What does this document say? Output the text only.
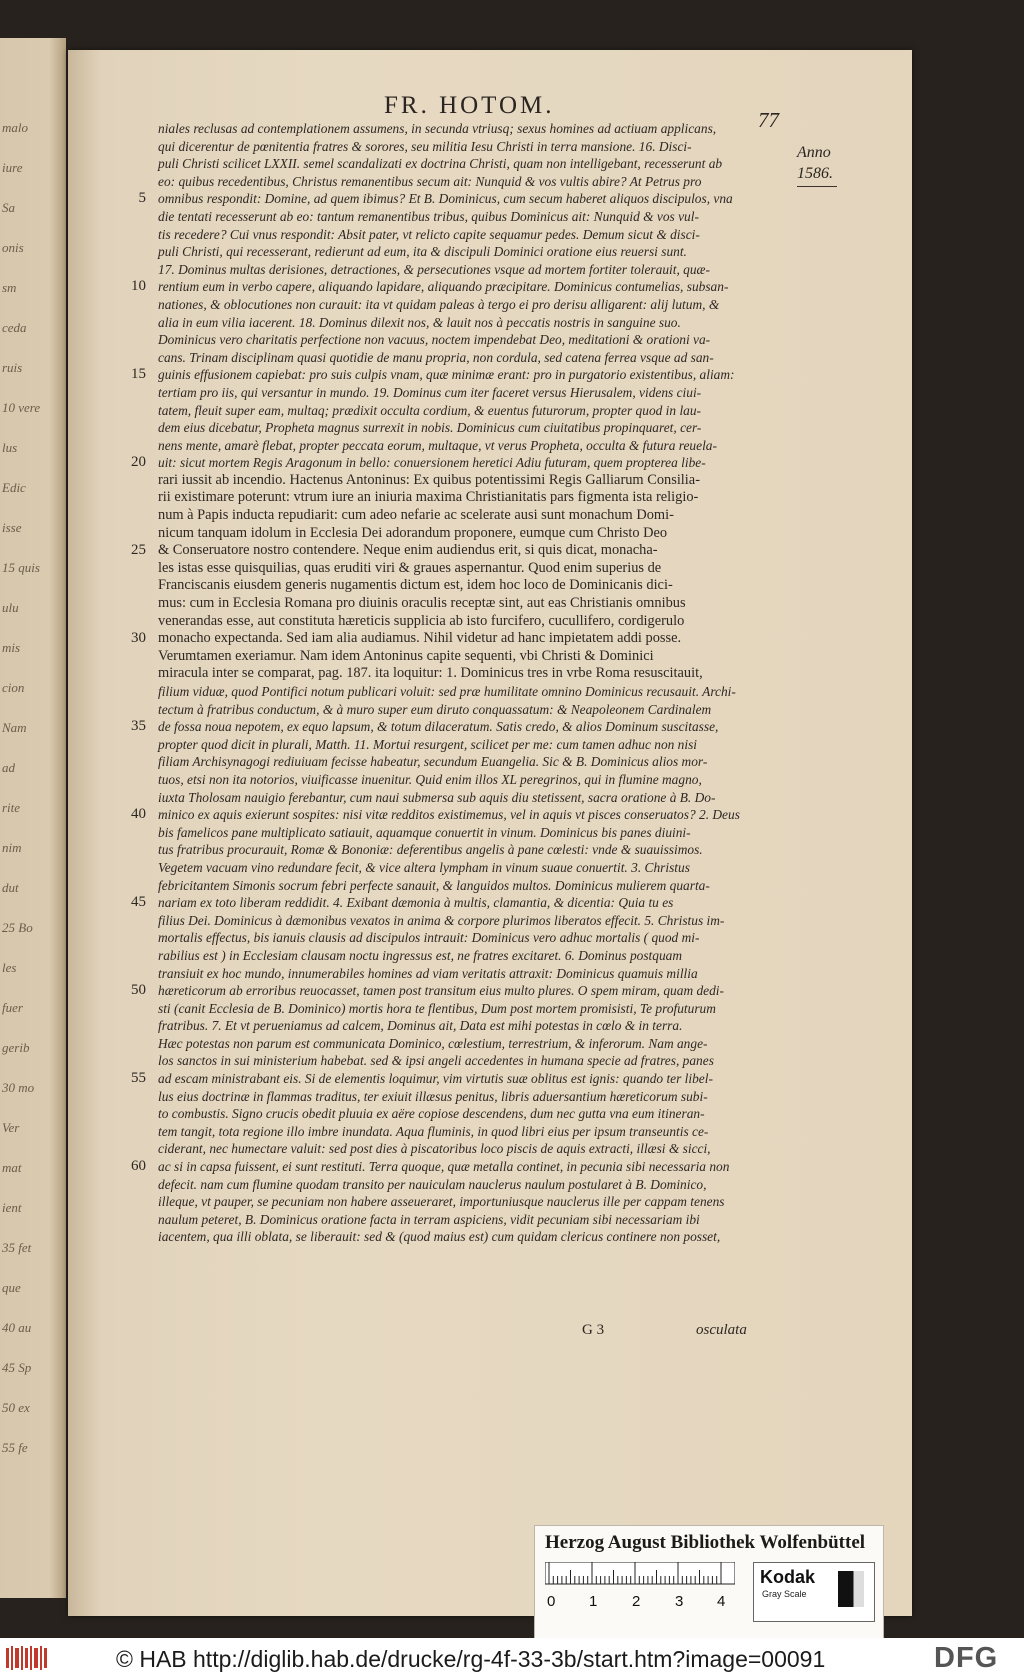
malo
iure
Sa
onis
sm
ceda
ruis
10 vere
lus
Edic
isse
15 quis
ulu
mis
cion
Nam
ad
rite
nim
dut
25 Bo
les
fuer
gerib
30 mo
Ver
mat
ient
35 fet
que
40 au
45 Sp
50 ex
55 fe
FR. HOTOM.
77
Anno
1586.
niales reclusas ad contemplationem assumens, in secunda vtriusq; sexus homines ad actiuam applicans,
qui dicerentur de pœnitentia fratres & sorores, seu militia Iesu Christi in terra mansione. 16. Disci-
puli Christi scilicet LXXII. semel scandalizati ex doctrina Christi, quam non intelligebant, recesserunt ab
eo: quibus recedentibus, Christus remanentibus secum ait: Nunquid & vos vultis abire? At Petrus pro
5 omnibus respondit: Domine, ad quem ibimus? Et B. Dominicus, cum secum haberet aliquos discipulos, vna
die tentati recesserunt ab eo: tantum remanentibus tribus, quibus Dominicus ait: Nunquid & vos vul-
tis recedere? Cui vnus respondit: Absit pater, vt relicto capite sequamur pedes. Demum sicut & disci-
puli Christi, qui recesserant, redierunt ad eum, ita & discipuli Dominici oratione eius reuersi sunt.
17. Dominus multas derisiones, detractiones, & persecutiones vsque ad mortem fortiter tolerauit, quæ-
10 rentium eum in verbo capere, aliquando lapidare, aliquando præcipitare. Dominicus contumelias, subsan-
nationes, & oblocutiones non curauit: ita vt quidam paleas à tergo ei pro derisu alligarent: alij lutum, &
alia in eum vilia iacerent. 18. Dominus dilexit nos, & lauit nos à peccatis nostris in sanguine suo.
Dominicus vero charitatis perfectione non vacuus, noctem impendebat Deo, meditationi & orationi va-
cans. Trinam disciplinam quasi quotidie de manu propria, non cordula, sed catena ferrea vsque ad san-
15 guinis effusionem capiebat: pro suis culpis vnam, quæ minimæ erant: pro in purgatorio existentibus, aliam:
tertiam pro iis, qui versantur in mundo. 19. Dominus cum iter faceret versus Hierusalem, videns ciui-
tatem, fleuit super eam, multaq; prædixit occulta cordium, & euentus futurorum, propter quod in lau-
dem eius dicebatur, Propheta magnus surrexit in nobis. Dominicus cum ciuitatibus propinquaret, cer-
nens mente, amarè flebat, propter peccata eorum, multaque, vt verus Propheta, occulta & futura reuela-
20 uit: sicut mortem Regis Aragonum in bello: conuersionem heretici Adiu futuram, quem propterea libe-
rari iussit ab incendio. Hactenus Antoninus: Ex quibus potentissimi Regis Galliarum Consilia-
rii existimare poterunt: vtrum iure an iniuria maxima Christianitatis pars figmenta ista religio-
num à Papis inducta repudiarit: cum adeo nefarie ac scelerate ausi sunt monachum Domi-
nicum tanquam idolum in Ecclesia Dei adorandum proponere, eumque cum Christo Deo
25 & Conseruatore nostro contendere. Neque enim audiendus erit, si quis dicat, monacha-
les istas esse quisquilias, quas eruditi viri & graues aspernantur. Quod enim superius de
Franciscanis eiusdem generis nugamentis dictum est, idem hoc loco de Dominicanis dici-
mus: cum in Ecclesia Romana pro diuinis oraculis receptæ sint, aut eas Christianis omnibus
venerandas esse, aut constituta hæreticis supplicia ab isto furcifero, cucullifero, cordigerulo
30 monacho expectanda. Sed iam alia audiamus. Nihil videtur ad hanc impietatem addi posse.
Verumtamen exeriamur. Nam idem Antoninus capite sequenti, vbi Christi & Dominici
miracula inter se comparat, pag. 187. ita loquitur: 1. Dominicus tres in vrbe Roma resuscitauit,
filium viduæ, quod Pontifici notum publicari voluit: sed præ humilitate omnino Dominicus recusauit. Archi-
tectum à fratribus conductum, & à muro super eum diruto conquassatum: & Neapoleonem Cardinalem
35 de fossa noua nepotem, ex equo lapsum, & totum dilaceratum. Satis credo, & alios Dominum suscitasse,
propter quod dicit in plurali, Matth. 11. Mortui resurgent, scilicet per me: cum tamen adhuc non nisi
filiam Archisynagogi rediuiuam fecisse habeatur, secundum Euangelia. Sic & B. Dominicus alios mor-
tuos, etsi non ita notorios, viuificasse inuenitur. Quid enim illos XL peregrinos, qui in flumine magno,
iuxta Tholosam nauigio ferebantur, cum naui submersa sub aquis diu stetissent, sacra oratione à B. Do-
40 minico ex aquis exierunt sospites: nisi vitæ redditos existimemus, vel in aquis vt pisces conseruatos? 2. Deus
bis famelicos pane multiplicato satiauit, aquamque conuertit in vinum. Dominicus bis panes diuini-
tus fratribus procurauit, Romæ & Bononiæ: deferentibus angelis à pane cœlesti: vnde & suauissimos.
Vegetem vacuam vino redundare fecit, & vice altera lympham in vinum suaue conuertit. 3. Christus
febricitantem Simonis socrum febri perfecte sanauit, & languidos multos. Dominicus mulierem quarta-
45 nariam ex toto liberam reddidit. 4. Exibant dæmonia à multis, clamantia, & dicentia: Quia tu es
filius Dei. Dominicus à dæmonibus vexatos in anima & corpore plurimos liberatos effecit. 5. Christus im-
mortalis effectus, bis ianuis clausis ad discipulos intrauit: Dominicus vero adhuc mortalis ( quod mi-
rabilius est ) in Ecclesiam clausam noctu ingressus est, ne fratres excitaret. 6. Dominus postquam
transiuit ex hoc mundo, innumerabiles homines ad viam veritatis attraxit: Dominicus quamuis millia
50 hæreticorum ab erroribus reuocasset, tamen post transitum eius multo plures. O spem miram, quam dedi-
sti (canit Ecclesia de B. Dominico) mortis hora te flentibus, Dum post mortem promisisti, Te profuturum
fratribus. 7. Et vt perueniamus ad calcem, Dominus ait, Data est mihi potestas in cœlo & in terra.
Hæc potestas non parum est communicata Dominico, cœlestium, terrestrium, & inferorum. Nam ange-
los sanctos in sui ministerium habebat. sed & ipsi angeli accedentes in humana specie ad fratres, panes
55 ad escam ministrabant eis. Si de elementis loquimur, vim virtutis suæ oblitus est ignis: quando ter libel-
lus eius doctrinæ in flammas traditus, ter exiuit illæsus penitus, libris aduersantium hæreticorum subi-
to combustis. Signo crucis obedit pluuia ex aëre copiose descendens, dum nec gutta vna eum itineran-
tem tangit, tota regione illo imbre inundata. Aqua fluminis, in quod libri eius per ipsum transeuntis ce-
ciderant, nec humectare valuit: sed post dies à piscatoribus loco piscis de aquis extracti, illæsi & sicci,
60 ac si in capsa fuissent, ei sunt restituti. Terra quoque, quæ metalla continet, in pecunia sibi necessaria non
defecit. nam cum flumine quodam transito per nauiculam nauclerus naulum postularet à B. Dominico,
illeque, vt pauper, se pecuniam non habere asseueraret, importuniusque nauclerus ille per cappam tenens
naulum peteret, B. Dominicus oratione facta in terram aspiciens, vidit pecuniam sibi necessariam ibi
iacentem, qua illi oblata, se liberauit: sed & (quod maius est) cum quidam clericus continere non posset,
G 3	osculata
Herzog August Bibliothek Wolfenbüttel
0 1 2 3 4
Kodak
Gray Scale
© HAB http://diglib.hab.de/drucke/rg-4f-33-3b/start.htm?image=00091	DFG
